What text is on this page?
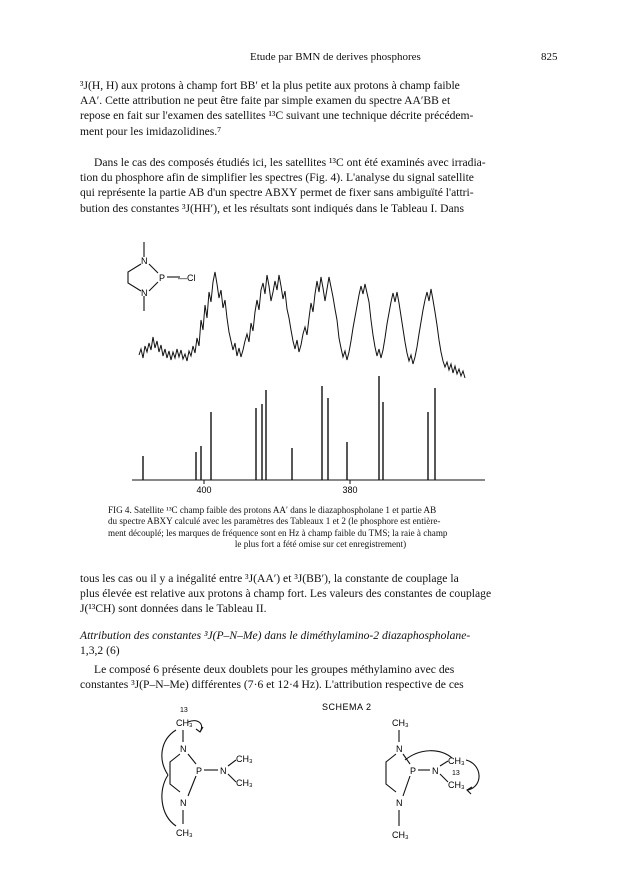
Etude par BMN de derives phosphores	825
³J(H, H) aux protons à champ fort BB′ et la plus petite aux protons à champ faible
AA′. Cette attribution ne peut être faite par simple examen du spectre AA′BB et
repose en fait sur l'examen des satellites ¹³C suivant une technique décrite précédem-
ment pour les imidazolidines.⁷
Dans le cas des composés étudiés ici, les satellites ¹³C ont été examinés avec irradia-
tion du phosphore afin de simplifier les spectres (Fig. 4). L'analyse du signal satellite
qui représente la partie AB d'un spectre ABXY permet de fixer sans ambiguïté l'attri-
bution des constantes ³J(HH′), et les résultats sont indiqués dans le Tableau I. Dans
N
N
P —Cl
400	380
FIG 4. Satellite ¹³C champ faible des protons AA′ dans le diazaphospholane 1 et partie AB
du spectre ABXY calculé avec les paramètres des Tableaux 1 et 2 (le phosphore est entière-
ment découplé; les marques de fréquence sont en Hz à champ faible du TMS; la raie à champ
le plus fort a fété omise sur cet enregistrement)
tous les cas ou il y a inégalité entre ³J(AA′) et ³J(BB′), la constante de couplage la
plus élevée est relative aux protons à champ fort. Les valeurs des constantes de couplage
J(¹³CH) sont données dans le Tableau II.
Attribution des constantes ³J(P–N–Me) dans le diméthylamino-2 diazaphospholane-
1,3,2 (6)
Le composé 6 présente deux doublets pour les groupes méthylamino avec des
constantes ³J(P–N–Me) différentes (7·6 et 12·4 Hz). L'attribution respective de ces
SCHEMA 2
13
CH₃
N
P N
CH₃
CH₃
N
CH₃
CH₃
N
P N
CH₃
13
CH₃
N
CH₃
